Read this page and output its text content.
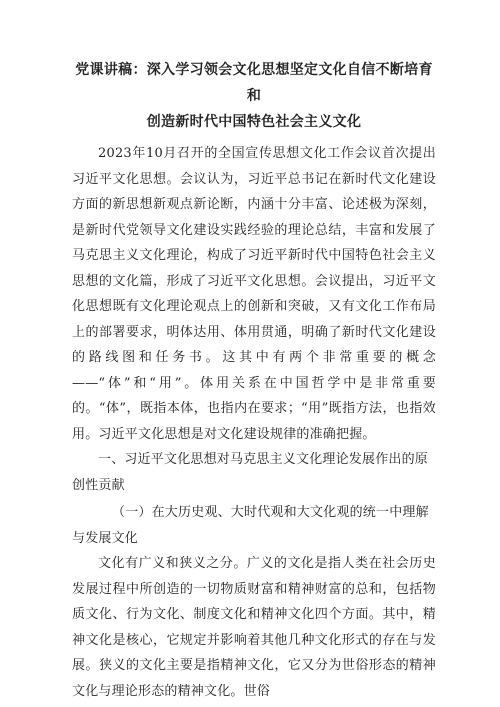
党课讲稿：深入学习领会文化思想坚定文化自信不断培育和
创造新时代中国特色社会主义文化

2023年10月召开的全国宣传思想文化工作会议首次提出习近平文化思想。会议认为，习近平总书记在新时代文化建设方面的新思想新观点新论断，内涵十分丰富、论述极为深刻，是新时代党领导文化建设实践经验的理论总结，丰富和发展了马克思主义文化理论，构成了习近平新时代中国特色社会主义思想的文化篇，形成了习近平文化思想。会议提出，习近平文化思想既有文化理论观点上的创新和突破，又有文化工作布局上的部署要求，明体达用、体用贯通，明确了新时代文化建设的路线图和任务书。这其中有两个非常重要的概念——“体”和“用”。体用关系在中国哲学中是非常重要的。“体”，既指本体，也指内在要求；“用”既指方法，也指效用。习近平文化思想是对文化建设规律的准确把握。

一、习近平文化思想对马克思主义文化理论发展作出的原创性贡献

（一）在大历史观、大时代观和大文化观的统一中理解与发展文化

文化有广义和狭义之分。广义的文化是指人类在社会历史发展过程中所创造的一切物质财富和精神财富的总和，包括物质文化、行为文化、制度文化和精神文化四个方面。其中，精神文化是核心，它规定并影响着其他几种文化形式的存在与发展。狭义的文化主要是指精神文化，它又分为世俗形态的精神文化与理论形态的精神文化。世俗
